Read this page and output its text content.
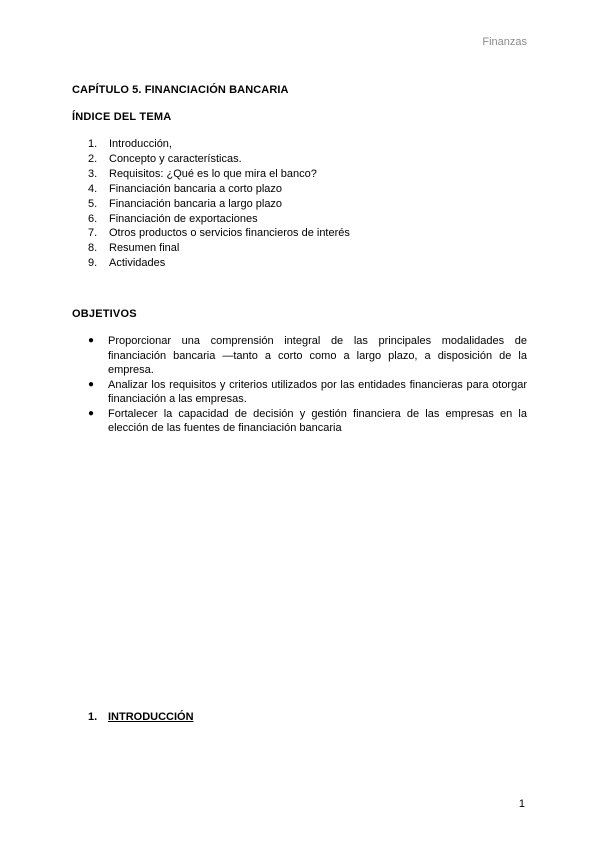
Finanzas
CAPÍTULO 5. FINANCIACIÓN BANCARIA
ÍNDICE DEL TEMA
1.	Introducción,
2.	Concepto y características.
3.	Requisitos: ¿Qué es lo que mira el banco?
4.	Financiación bancaria a corto plazo
5.	Financiación bancaria a largo plazo
6.	Financiación de exportaciones
7.	Otros productos o servicios financieros de interés
8.	Resumen final
9.	Actividades
OBJETIVOS
●	Proporcionar una comprensión integral de las principales modalidades de financiación bancaria —tanto a corto como a largo plazo, a disposición de la empresa.
●	Analizar los requisitos y criterios utilizados por las entidades financieras para otorgar financiación a las empresas.
●	Fortalecer la capacidad de decisión y gestión financiera de las empresas en la elección de las fuentes de financiación bancaria
1. INTRODUCCIÓN
1
